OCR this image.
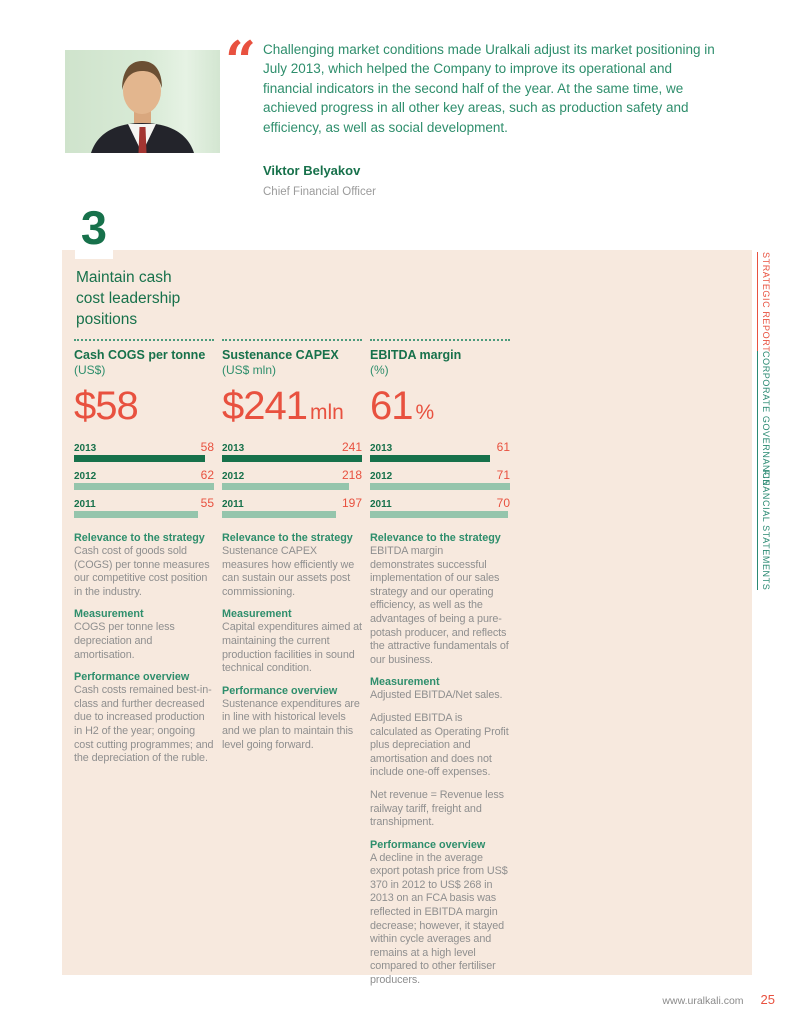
“ Challenging market conditions made Uralkali adjust its market positioning in July 2013, which helped the Company to improve its operational and financial indicators in the second half of the year. At the same time, we achieved progress in all other key areas, such as production safety and efficiency, as well as social development.
Viktor Belyakov
Chief Financial Officer
3
Maintain cash
cost leadership
positions
Cash COGS per tonne
(US$)
$58
2013	58
2012	62
2011	55
Relevance to the strategy

Cash cost of goods sold (COGS) per tonne measures our competitive cost position in the industry.

Measurement

COGS per tonne less depreciation and amortisation.

Performance overview

Cash costs remained best-in-class and further decreased due to increased production in H2 of the year; ongoing cost cutting programmes; and the depreciation of the ruble.

Sustenance CAPEX
(US$ mln)
$241 mln
2013	241
2012	218
2011	197
Relevance to the strategy

Sustenance CAPEX measures how efficiently we can sustain our assets post commissioning.

Measurement

Capital expenditures aimed at maintaining the current production facilities in sound technical condition.

Performance overview

Sustenance expenditures are in line with historical levels and we plan to maintain this level going forward.

EBITDA margin
(%)
61 %
2013	61
2012	71
2011	70
Relevance to the strategy

EBITDA margin demonstrates successful implementation of our sales strategy and our operating efficiency, as well as the advantages of being a pure-potash producer, and reflects the attractive fundamentals of our business.

Measurement

Adjusted EBITDA/Net sales.

Adjusted EBITDA is calculated as Operating Profit plus depreciation and amortisation and does not include one-off expenses.

Net revenue = Revenue less railway tariff, freight and transhipment.

Performance overview

A decline in the average export potash price from US$ 370 in 2012 to US$ 268 in 2013 on an FCA basis was reflected in EBITDA margin decrease; however, it stayed within cycle averages and remains at a high level compared to other fertiliser producers.

STRATEGIC REPORT
CORPORATE GOVERNANCE
FINANCIAL STATEMENTS
www.uralkali.com 25
